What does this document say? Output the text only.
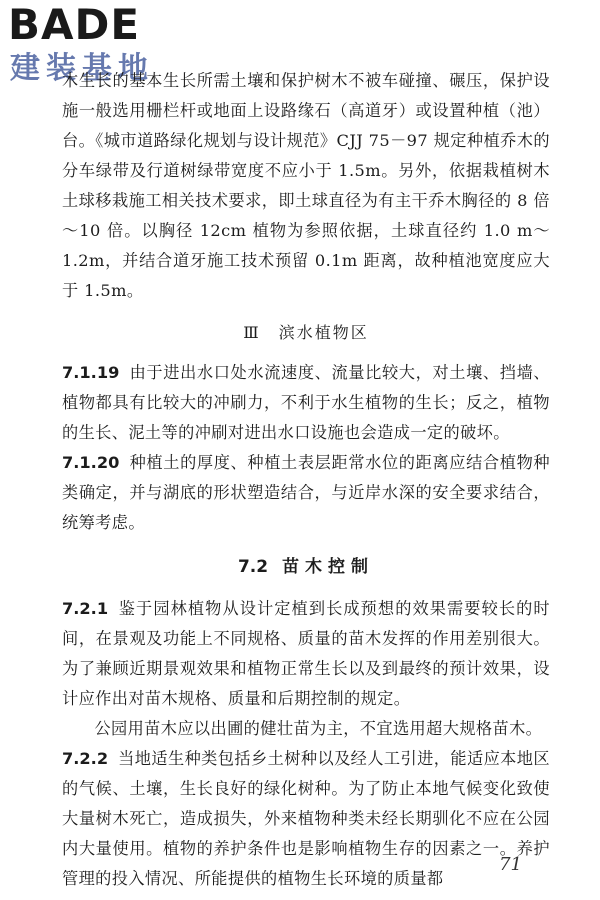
BADE
建装基地

木生长的基本生长所需土壤和保护树木不被车碰撞、碾压，保护设施一般选用栅栏杆或地面上设路缘石（高道牙）或设置种植（池）台。《城市道路绿化规划与设计规范》CJJ 75－97 规定种植乔木的分车绿带及行道树绿带宽度不应小于 1.5m。另外，依据栽植树木土球移栽施工相关技术要求，即土球直径为有主干乔木胸径的 8 倍～10 倍。以胸径 12cm 植物为参照依据，土球直径约 1.0 m～1.2m，并结合道牙施工技术预留 0.1m 距离，故种植池宽度应大于 1.5m。

Ⅲ 滨水植物区

7.1.19 由于进出水口处水流速度、流量比较大，对土壤、挡墙、植物都具有比较大的冲刷力，不利于水生植物的生长；反之，植物的生长、泥土等的冲刷对进出水口设施也会造成一定的破坏。

7.1.20 种植土的厚度、种植土表层距常水位的距离应结合植物种类确定，并与湖底的形状塑造结合，与近岸水深的安全要求结合，统筹考虑。

7.2 苗木控制

7.2.1 鉴于园林植物从设计定植到长成预想的效果需要较长的时间，在景观及功能上不同规格、质量的苗木发挥的作用差别很大。为了兼顾近期景观效果和植物正常生长以及到最终的预计效果，设计应作出对苗木规格、质量和后期控制的规定。

公园用苗木应以出圃的健壮苗为主，不宜选用超大规格苗木。

7.2.2 当地适生种类包括乡土树种以及经人工引进，能适应本地区的气候、土壤，生长良好的绿化树种。为了防止本地气候变化致使大量树木死亡，造成损失，外来植物种类未经长期驯化不应在公园内大量使用。植物的养护条件也是影响植物生存的因素之一。养护管理的投入情况、所能提供的植物生长环境的质量都

71
